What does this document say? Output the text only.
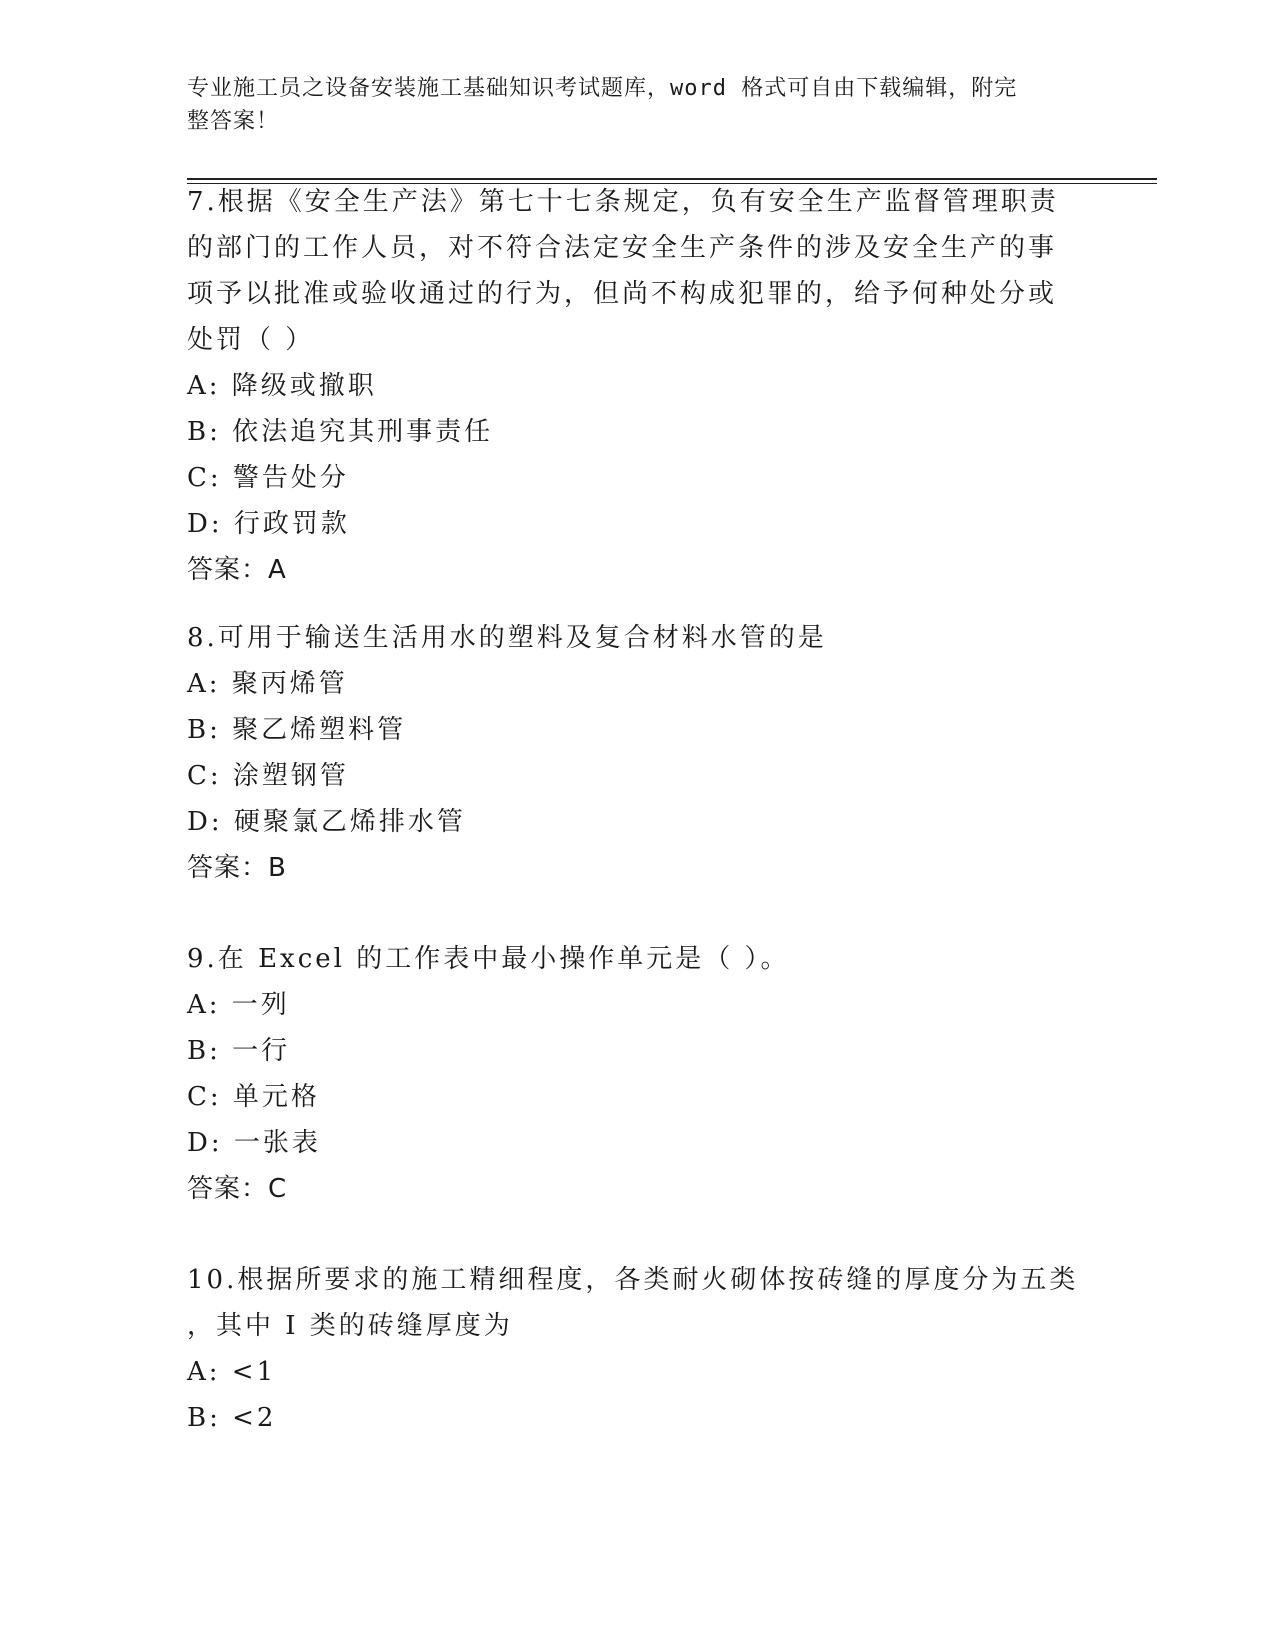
专业施工员之设备安装施工基础知识考试题库，word 格式可自由下载编辑，附完
整答案！

7.根据《安全生产法》第七十七条规定，负有安全生产监督管理职责

的部门的工作人员，对不符合法定安全生产条件的涉及安全生产的事

项予以批准或验收通过的行为，但尚不构成犯罪的，给予何种处分或

处罚（ ）

A: 降级或撤职

B: 依法追究其刑事责任

C: 警告处分

D: 行政罚款

答案：A

8.可用于输送生活用水的塑料及复合材料水管的是

A: 聚丙烯管

B: 聚乙烯塑料管

C: 涂塑钢管

D: 硬聚氯乙烯排水管

答案：B

9.在 Excel 的工作表中最小操作单元是（ ）。

A: 一列

B: 一行

C: 单元格

D: 一张表

答案：C

10.根据所要求的施工精细程度，各类耐火砌体按砖缝的厚度分为五类

，其中 I 类的砖缝厚度为

A: <1

B: <2
